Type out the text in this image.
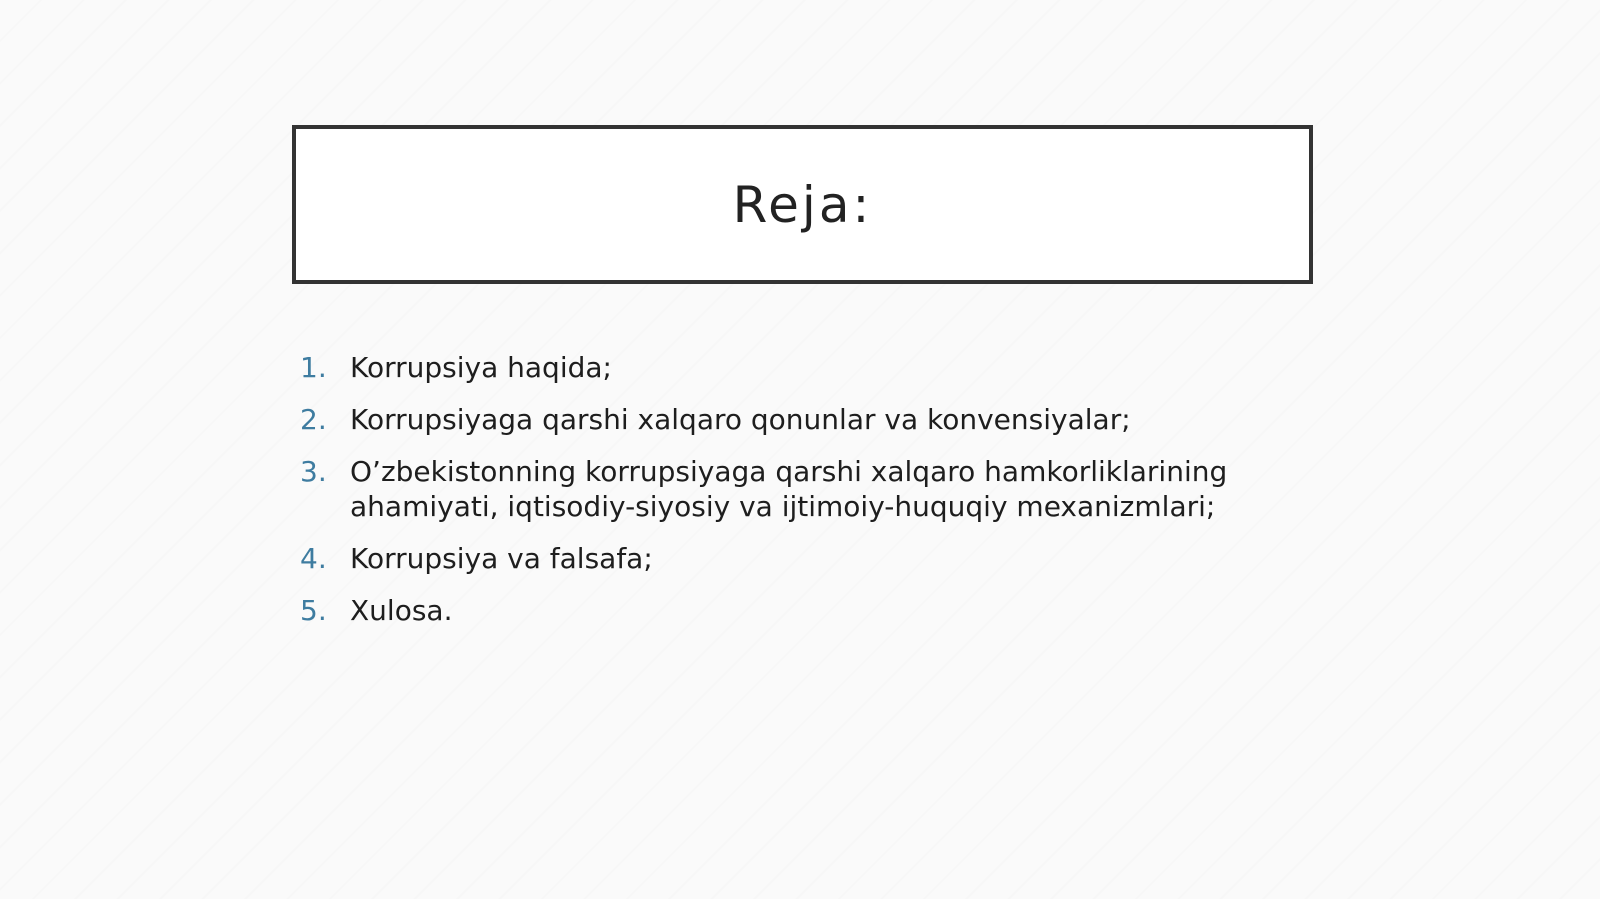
Reja:
1. Korrupsiya haqida;
2. Korrupsiyaga qarshi xalqaro qonunlar va konvensiyalar;
3. O’zbekistonning korrupsiyaga qarshi xalqaro hamkorliklarining ahamiyati, iqtisodiy-siyosiy va ijtimoiy-huquqiy mexanizmlari;
4. Korrupsiya va falsafa;
5. Xulosa.
